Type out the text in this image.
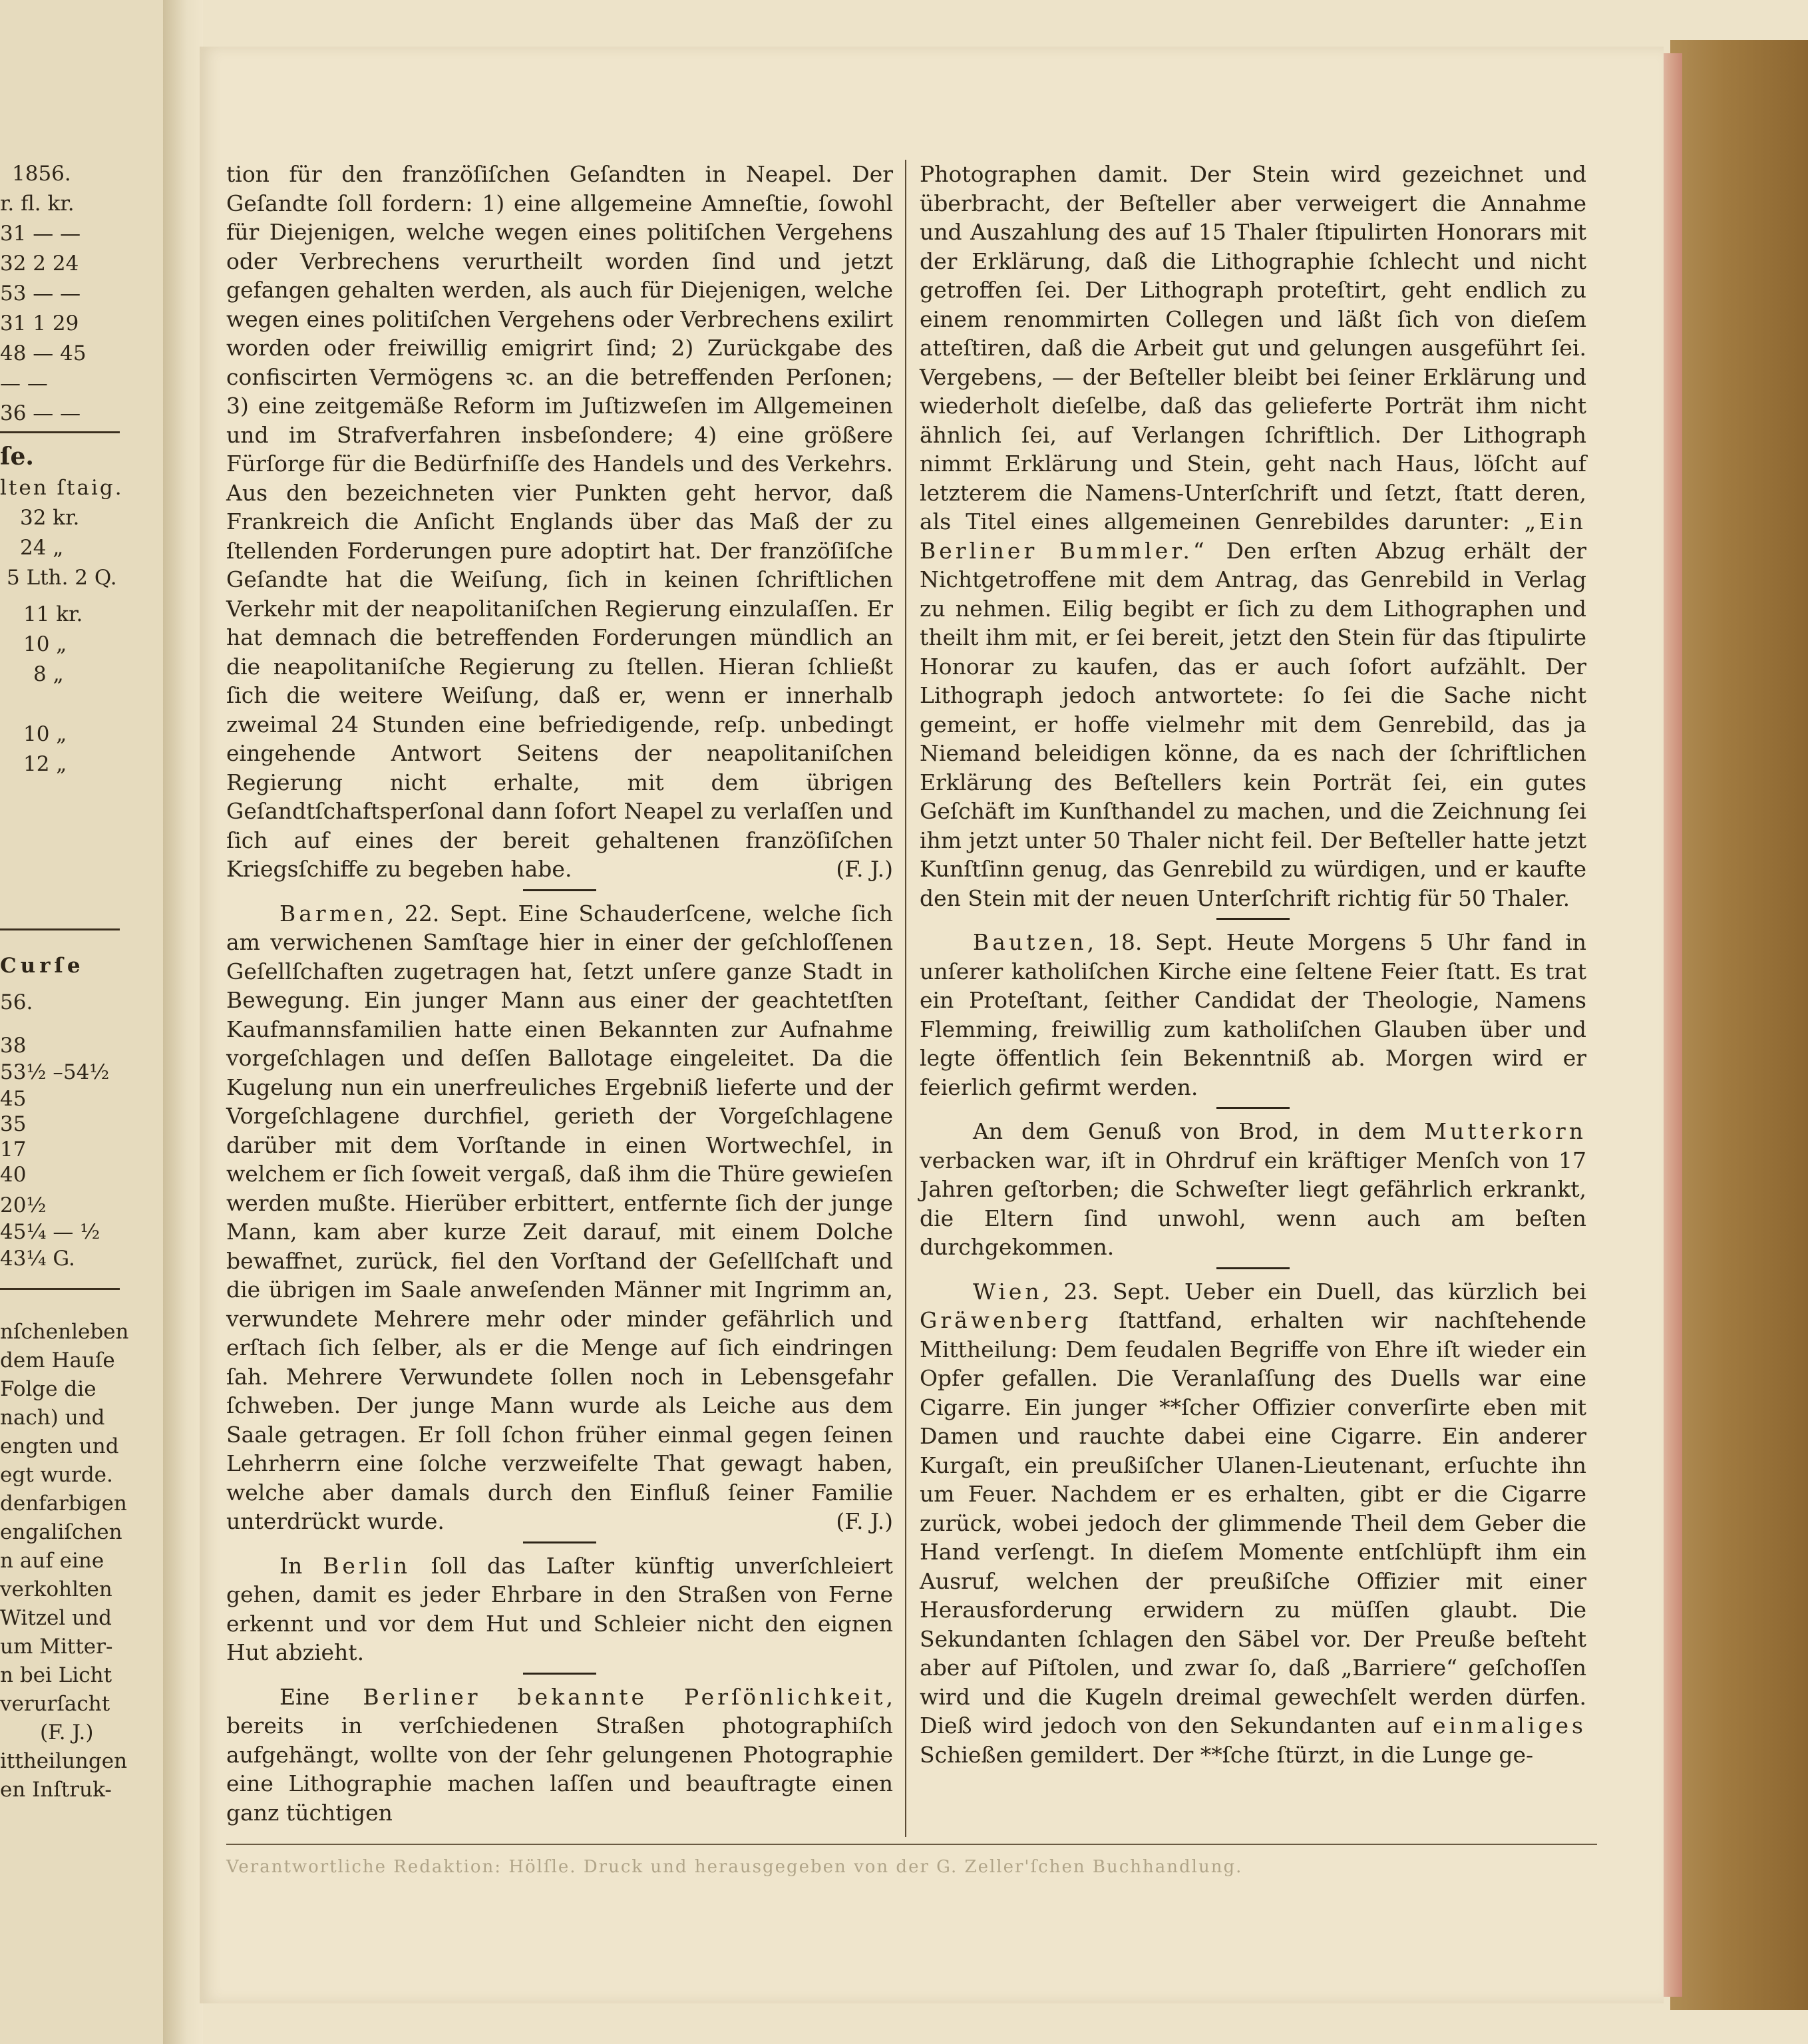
1856.
r. fl. kr.
31 — —
32 2 24
53 — —
31 1 29
48 — 45
— —
36 — —
ſe.
lten ſtaig.
32 kr.
24 „
5 Lth. 2 Q.
11 kr.
10 „
8 „
10 „
12 „
Curſe
56.
38
53½ –54½
45
35
17
40
20½
45¼ — ½
43¼ G.
nſchenleben
dem Hauſe
Folge die
nach) und
engten und
egt wurde.
denfarbigen
engaliſchen
n auf eine
verkohlten
Witzel und
um Mitter-
n bei Licht
verurſacht
(F. J.)
ittheilungen
en Inſtruk-

tion für den franzöſiſchen Geſandten in Neapel. Der Geſandte ſoll fordern: 1) eine allgemeine Amneſtie, ſowohl für Diejenigen, welche wegen eines politiſchen Vergehens oder Verbrechens verurtheilt worden ſind und jetzt gefangen gehalten werden, als auch für Diejenigen, welche wegen eines politiſchen Vergehens oder Verbrechens exilirt worden oder freiwillig emigrirt ſind; 2) Zurückgabe des confiscirten Vermögens ꝛc. an die betreffenden Perſonen; 3) eine zeitgemäße Reform im Juſtizweſen im Allgemeinen und im Strafverfahren insbeſondere; 4) eine größere Fürſorge für die Bedürfniſſe des Handels und des Verkehrs. Aus den bezeichneten vier Punkten geht hervor, daß Frankreich die Anſicht Englands über das Maß der zu ſtellenden Forderungen pure adoptirt hat. Der franzöſiſche Geſandte hat die Weiſung, ſich in keinen ſchriftlichen Verkehr mit der neapolitaniſchen Regierung einzulaſſen. Er hat demnach die betreffenden Forderungen mündlich an die neapolitaniſche Regierung zu ſtellen. Hieran ſchließt ſich die weitere Weiſung, daß er, wenn er innerhalb zweimal 24 Stunden eine befriedigende, reſp. unbedingt eingehende Antwort Seitens der neapolitaniſchen Regierung nicht erhalte, mit dem übrigen Geſandtſchaftsperſonal dann ſofort Neapel zu verlaſſen und ſich auf eines der bereit gehaltenen franzöſiſchen Kriegsſchiffe zu begeben habe.	(F. J.)

Barmen, 22. Sept. Eine Schauderſcene, welche ſich am verwichenen Samſtage hier in einer der geſchloſſenen Geſellſchaften zugetragen hat, ſetzt unſere ganze Stadt in Bewegung. Ein junger Mann aus einer der geachtetſten Kaufmannsfamilien hatte einen Bekannten zur Aufnahme vorgeſchlagen und deſſen Ballotage eingeleitet. Da die Kugelung nun ein unerfreuliches Ergebniß lieferte und der Vorgeſchlagene durchfiel, gerieth der Vorgeſchlagene darüber mit dem Vorſtande in einen Wortwechſel, in welchem er ſich ſoweit vergaß, daß ihm die Thüre gewieſen werden mußte. Hierüber erbittert, entfernte ſich der junge Mann, kam aber kurze Zeit darauf, mit einem Dolche bewaffnet, zurück, fiel den Vorſtand der Geſellſchaft und die übrigen im Saale anweſenden Männer mit Ingrimm an, verwundete Mehrere mehr oder minder gefährlich und erſtach ſich ſelber, als er die Menge auf ſich eindringen ſah. Mehrere Verwundete ſollen noch in Lebensgefahr ſchweben. Der junge Mann wurde als Leiche aus dem Saale getragen. Er ſoll ſchon früher einmal gegen ſeinen Lehrherrn eine ſolche verzweifelte That gewagt haben, welche aber damals durch den Einfluß ſeiner Familie unterdrückt wurde.	(F. J.)

In Berlin ſoll das Laſter künftig unverſchleiert gehen, damit es jeder Ehrbare in den Straßen von Ferne erkennt und vor dem Hut und Schleier nicht den eignen Hut abzieht.

Eine Berliner bekannte Perſönlichkeit, bereits in verſchiedenen Straßen photographiſch aufgehängt, wollte von der ſehr gelungenen Photographie eine Lithographie machen laſſen und beauftragte einen ganz tüchtigen

Photographen damit. Der Stein wird gezeichnet und überbracht, der Beſteller aber verweigert die Annahme und Auszahlung des auf 15 Thaler ſtipulirten Honorars mit der Erklärung, daß die Lithographie ſchlecht und nicht getroffen ſei. Der Lithograph proteſtirt, geht endlich zu einem renommirten Collegen und läßt ſich von dieſem atteſtiren, daß die Arbeit gut und gelungen ausgeführt ſei. Vergebens, — der Beſteller bleibt bei ſeiner Erklärung und wiederholt dieſelbe, daß das gelieferte Porträt ihm nicht ähnlich ſei, auf Verlangen ſchriftlich. Der Lithograph nimmt Erklärung und Stein, geht nach Haus, löſcht auf letzterem die Namens-Unterſchrift und ſetzt, ſtatt deren, als Titel eines allgemeinen Genrebildes darunter: „Ein Berliner Bummler.“ Den erſten Abzug erhält der Nichtgetroffene mit dem Antrag, das Genrebild in Verlag zu nehmen. Eilig begibt er ſich zu dem Lithographen und theilt ihm mit, er ſei bereit, jetzt den Stein für das ſtipulirte Honorar zu kaufen, das er auch ſofort aufzählt. Der Lithograph jedoch antwortete: ſo ſei die Sache nicht gemeint, er hoffe vielmehr mit dem Genrebild, das ja Niemand beleidigen könne, da es nach der ſchriftlichen Erklärung des Beſtellers kein Porträt ſei, ein gutes Geſchäft im Kunſthandel zu machen, und die Zeichnung ſei ihm jetzt unter 50 Thaler nicht feil. Der Beſteller hatte jetzt Kunſtſinn genug, das Genrebild zu würdigen, und er kaufte den Stein mit der neuen Unterſchrift richtig für 50 Thaler.

Bautzen, 18. Sept. Heute Morgens 5 Uhr fand in unſerer katholiſchen Kirche eine ſeltene Feier ſtatt. Es trat ein Proteſtant, ſeither Candidat der Theologie, Namens Flemming, freiwillig zum katholiſchen Glauben über und legte öffentlich ſein Bekenntniß ab. Morgen wird er feierlich gefirmt werden.

An dem Genuß von Brod, in dem Mutterkorn verbacken war, iſt in Ohrdruf ein kräftiger Menſch von 17 Jahren geſtorben; die Schweſter liegt gefährlich erkrankt, die Eltern ſind unwohl, wenn auch am beſten durchgekommen.

Wien, 23. Sept. Ueber ein Duell, das kürzlich bei Gräwenberg ſtattfand, erhalten wir nachſtehende Mittheilung: Dem feudalen Begriffe von Ehre iſt wieder ein Opfer gefallen. Die Veranlaſſung des Duells war eine Cigarre. Ein junger **ſcher Offizier converſirte eben mit Damen und rauchte dabei eine Cigarre. Ein anderer Kurgaſt, ein preußiſcher Ulanen-Lieutenant, erſuchte ihn um Feuer. Nachdem er es erhalten, gibt er die Cigarre zurück, wobei jedoch der glimmende Theil dem Geber die Hand verſengt. In dieſem Momente entſchlüpft ihm ein Ausruf, welchen der preußiſche Offizier mit einer Herausforderung erwidern zu müſſen glaubt. Die Sekundanten ſchlagen den Säbel vor. Der Preuße beſteht aber auf Piſtolen, und zwar ſo, daß „Barriere“ geſchoſſen wird und die Kugeln dreimal gewechſelt werden dürfen. Dieß wird jedoch von den Sekundanten auf einmaliges Schießen gemildert. Der **ſche ſtürzt, in die Lunge ge-

Verantwortliche Redaktion: Hölſle. Druck und herausgegeben von der G. Zeller'ſchen Buchhandlung.
